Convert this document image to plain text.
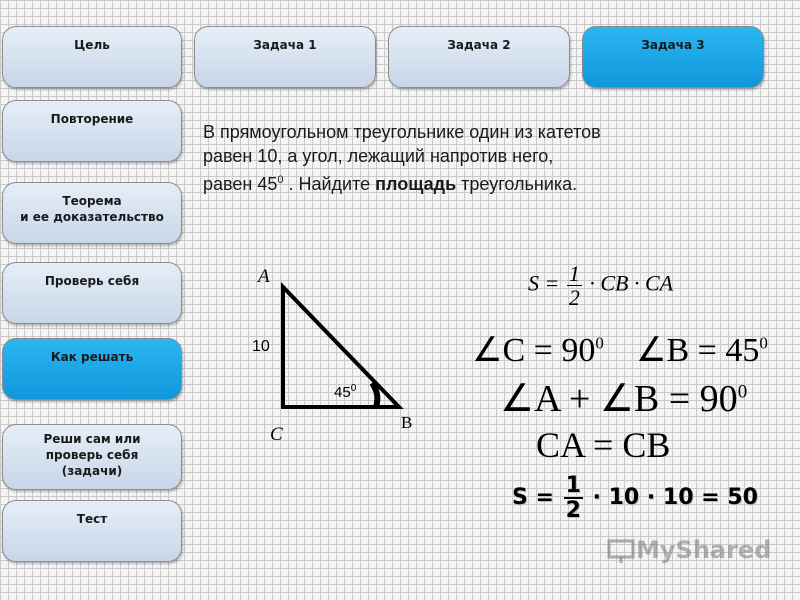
Цель	Задача 1	Задача 2	Задача 3
Повторение
Теорема
и ее доказательство
Проверь себя
Как решать
Реши сам или
проверь себя
(задачи)
Тест
В прямоугольном треугольнике один из катетов
равен 10, а угол, лежащий напротив него,
равен $45^0$ . Найдите площадь треугольника.
A
B
C
10
$45^0$
$S = \frac{1}{2}$ · CB · CA
∠C = $90^0$ ∠B = $45^0$
∠A + ∠B = $90^0$
CA = CB
$S = \frac{1}{2} \cdot 10 \cdot 10 = 50$
MyShared
